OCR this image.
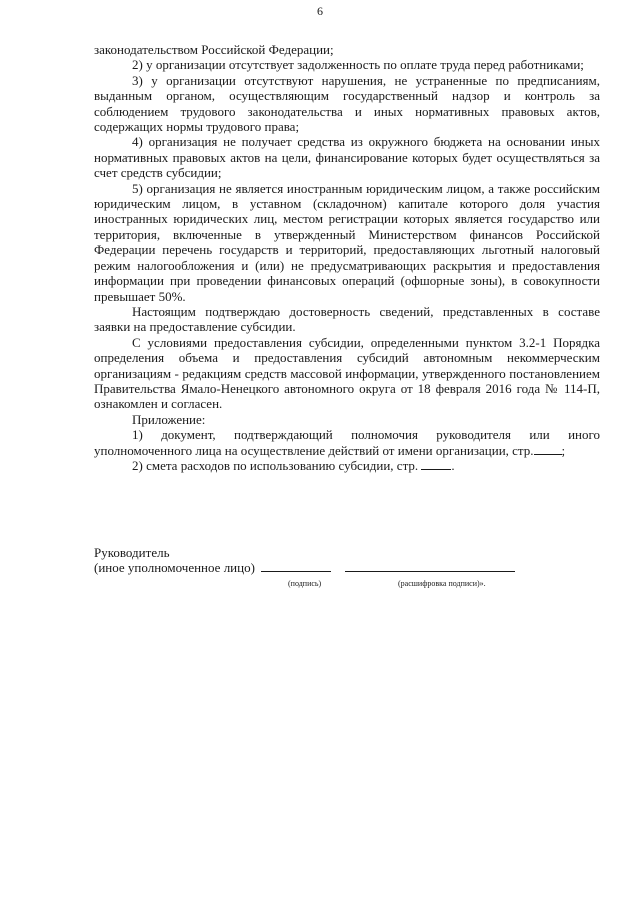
6

законодательством Российской Федерации;

2) у организации отсутствует задолженность по оплате труда перед работниками;

3) у организации отсутствуют нарушения, не устраненные по предписаниям, выданным органом, осуществляющим государственный надзор и контроль за соблюдением трудового законодательства и иных нормативных правовых актов, содержащих нормы трудового права;

4) организация не получает средства из окружного бюджета на основании иных нормативных правовых актов на цели, финансирование которых будет осуществляться за счет средств субсидии;

5) организация не является иностранным юридическим лицом, а также российским юридическим лицом, в уставном (складочном) капитале которого доля участия иностранных юридических лиц, местом регистрации которых является государство или территория, включенные в утвержденный Министерством финансов Российской Федерации перечень государств и территорий, предоставляющих льготный налоговый режим налогообложения и (или) не предусматривающих раскрытия и предоставления информации при проведении финансовых операций (офшорные зоны), в совокупности превышает 50%.

Настоящим подтверждаю достоверность сведений, представленных в составе заявки на предоставление субсидии.

С условиями предоставления субсидии, определенными пунктом 3.2-1 Порядка определения объема и предоставления субсидий автономным некоммерческим организациям - редакциям средств массовой информации, утвержденного постановлением Правительства Ямало-Ненецкого автономного округа от 18 февраля 2016 года № 114-П, ознакомлен и согласен.

Приложение:

1) документ, подтверждающий полномочия руководителя или иного уполномоченного лица на осуществление действий от имени организации, стр. ;

2) смета расходов по использованию субсидии, стр.	.

Руководитель
(иное уполномоченное лицо)
(подпись)	(расшифровка подписи)».
